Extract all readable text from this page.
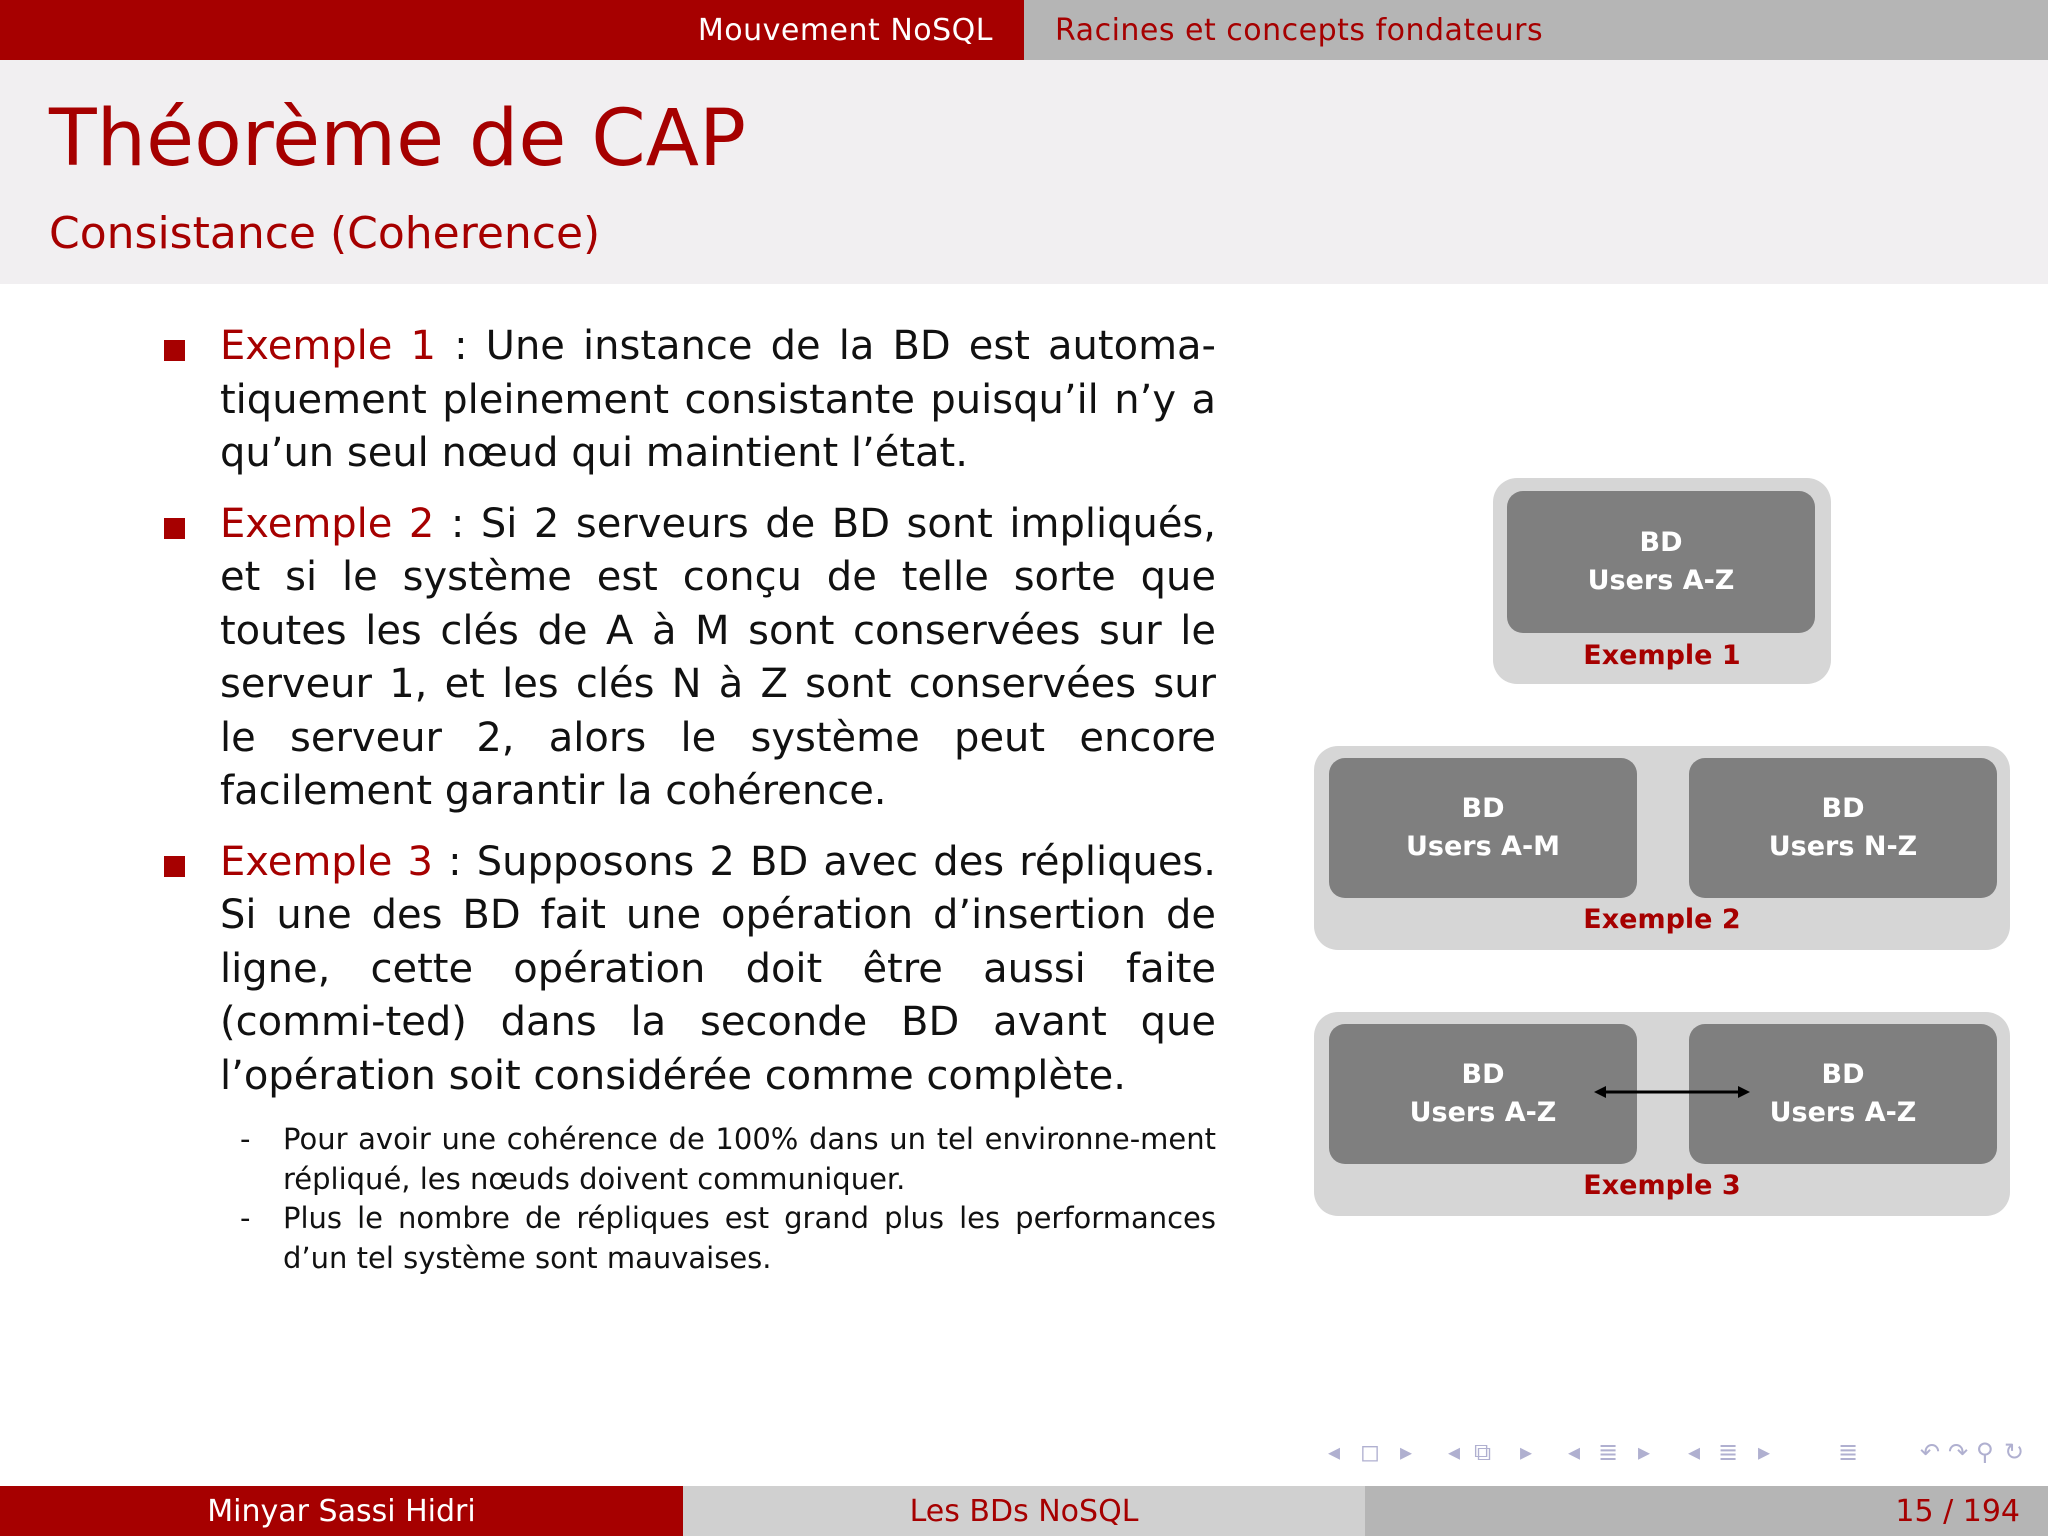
Mouvement NoSQL	Racines et concepts fondateurs
Théorème de CAP
Consistance (Coherence)
Exemple 1 : Une instance de la BD est automa-tiquement pleinement consistante puisqu’il n’y a qu’un seul nœud qui maintient l’état.
Exemple 2 : Si 2 serveurs de BD sont impliqués, et si le système est conçu de telle sorte que toutes les clés de A à M sont conservées sur le serveur 1, et les clés N à Z sont conservées sur le serveur 2, alors le système peut encore facilement garantir la cohérence.
Exemple 3 : Supposons 2 BD avec des répliques. Si une des BD fait une opération d’insertion de ligne, cette opération doit être aussi faite (commi-ted) dans la seconde BD avant que l’opération soit considérée comme complète.
- Pour avoir une cohérence de 100% dans un tel environne-ment répliqué, les nœuds doivent communiquer.
- Plus le nombre de répliques est grand plus les performances d’un tel système sont mauvaises.
BD
Users A-Z
Exemple 1
BD
Users A-M
BD
Users N-Z
Exemple 2
BD
Users A-Z
BD
Users A-Z
Exemple 3
◂ ◻ ▸ ◂ ⧉ ▸ ◂ ≣ ▸ ◂ ≣ ▸	≣	↶ ↷ ⚲ ↻
Minyar Sassi Hidri	Les BDs NoSQL	15 / 194
